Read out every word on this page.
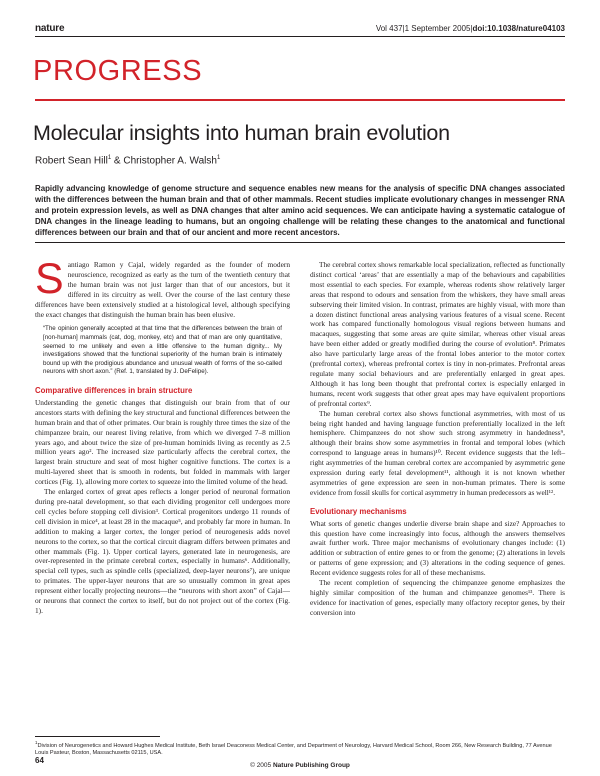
nature	Vol 437|1 September 2005|doi:10.1038/nature04103
PROGRESS
Molecular insights into human brain evolution
Robert Sean Hill$^1$ & Christopher A. Walsh$^1$

Rapidly advancing knowledge of genome structure and sequence enables new means for the analysis of specific DNA changes associated with the differences between the human brain and that of other mammals. Recent studies implicate evolutionary changes in messenger RNA and protein expression levels, as well as DNA changes that alter amino acid sequences. We can anticipate having a systematic catalogue of DNA changes in the lineage leading to humans, but an ongoing challenge will be relating these changes to the anatomical and functional differences between our brain and that of our ancient and more recent ancestors.

Santiago Ramon y Cajal, widely regarded as the founder of modern neuroscience, recognized as early as the turn of the twentieth century that the human brain was not just larger than that of our ancestors, but it differed in its circuitry as well. Over the course of the last century these differences have been extensively studied at a histological level, although specifying the exact changes that distinguish the human brain has been elusive.

“The opinion generally accepted at that time that the differences between the brain of [non-human] mammals (cat, dog, monkey, etc) and that of man are only quantitative, seemed to me unlikely and even a little offensive to the human dignity... My investigations showed that the functional superiority of the human brain is intimately bound up with the prodigious abundance and unusual wealth of forms of the so-called neurons with short axon.” (Ref. 1, translated by J. DeFelipe).

Comparative differences in brain structure

Understanding the genetic changes that distinguish our brain from that of our ancestors starts with defining the key structural and functional differences between the human brain and that of other primates. Our brain is roughly three times the size of the chimpanzee brain, our nearest living relative, from which we diverged 7–8 million years ago, and about twice the size of pre-human hominids living as recently as 2.5 million years ago². The increased size particularly affects the cerebral cortex, the largest brain structure and seat of most higher cognitive functions. The cortex is a multi-layered sheet that is smooth in rodents, but folded in mammals with larger cortices (Fig. 1), allowing more cortex to squeeze into the limited volume of the head.

The enlarged cortex of great apes reflects a longer period of neuronal formation during pre-natal development, so that each dividing progenitor cell undergoes more cell cycles before stopping cell division³. Cortical progenitors undergo 11 rounds of cell division in mice⁴, at least 28 in the macaque⁵, and probably far more in human. In addition to making a larger cortex, the longer period of neurogenesis adds novel neurons to the cortex, so that the cortical circuit diagram differs between primates and other mammals (Fig. 1). Upper cortical layers, generated late in neurogenesis, are over-represented in the primate cerebral cortex, especially in humans⁶. Additionally, special cell types, such as spindle cells (specialized, deep-layer neurons⁷), are unique to primates. The upper-layer neurons that are so unusually common in great apes represent either locally projecting neurons—the “neurons with short axon” of Cajal—or neurons that connect the cortex to itself, but do not project out of the cortex (Fig. 1).

The cerebral cortex shows remarkable local specialization, reflected as functionally distinct cortical ‘areas’ that are essentially a map of the behaviours and capabilities most essential to each species. For example, whereas rodents show relatively larger areas that respond to odours and sensation from the whiskers, they have small areas subserving their limited vision. In contrast, primates are highly visual, with more than a dozen distinct functional areas analysing various features of a visual scene. Recent work has compared functionally homologous visual regions between humans and macaques, suggesting that some areas are quite similar, whereas other visual areas have been either added or greatly modified during the course of evolution⁸. Primates also have particularly large areas of the frontal lobes anterior to the motor cortex (prefrontal cortex), whereas prefrontal cortex is tiny in non-primates. Prefrontal areas regulate many social behaviours and are preferentially enlarged in great apes. Although it has long been thought that prefrontal cortex is especially enlarged in humans, recent work suggests that other great apes may have equivalent proportions of prefrontal cortex⁹.

The human cerebral cortex also shows functional asymmetries, with most of us being right handed and having language function preferentially localized in the left hemisphere. Chimpanzees do not show such strong asymmetry in handedness⁹, although their brains show some asymmetries in frontal and temporal lobes (which correspond to language areas in humans)¹⁰. Recent evidence suggests that the left–right asymmetries of the human cerebral cortex are accompanied by asymmetric gene expression during early fetal development¹¹, although it is not known whether asymmetries of gene expression are seen in non-human primates. There is some evidence from fossil skulls for cortical asymmetry in human predecessors as well¹².

Evolutionary mechanisms

What sorts of genetic changes underlie diverse brain shape and size? Approaches to this question have come increasingly into focus, although the answers themselves await further work. Three major mechanisms of evolutionary changes include: (1) addition or subtraction of entire genes to or from the genome; (2) alterations in levels or patterns of gene expression; and (3) alterations in the coding sequence of genes. Recent evidence suggests roles for all of these mechanisms.

The recent completion of sequencing the chimpanzee genome emphasizes the highly similar composition of the human and chimpanzee genomes¹³. There is evidence for inactivation of genes, especially many olfactory receptor genes, by their conversion into

$^1$Division of Neurogenetics and Howard Hughes Medical Institute, Beth Israel Deaconess Medical Center, and Department of Neurology, Harvard Medical School, Room 266, New Research Building, 77 Avenue Louis Pasteur, Boston, Massachusetts 02115, USA.

64
© 2005 Nature Publishing Group
